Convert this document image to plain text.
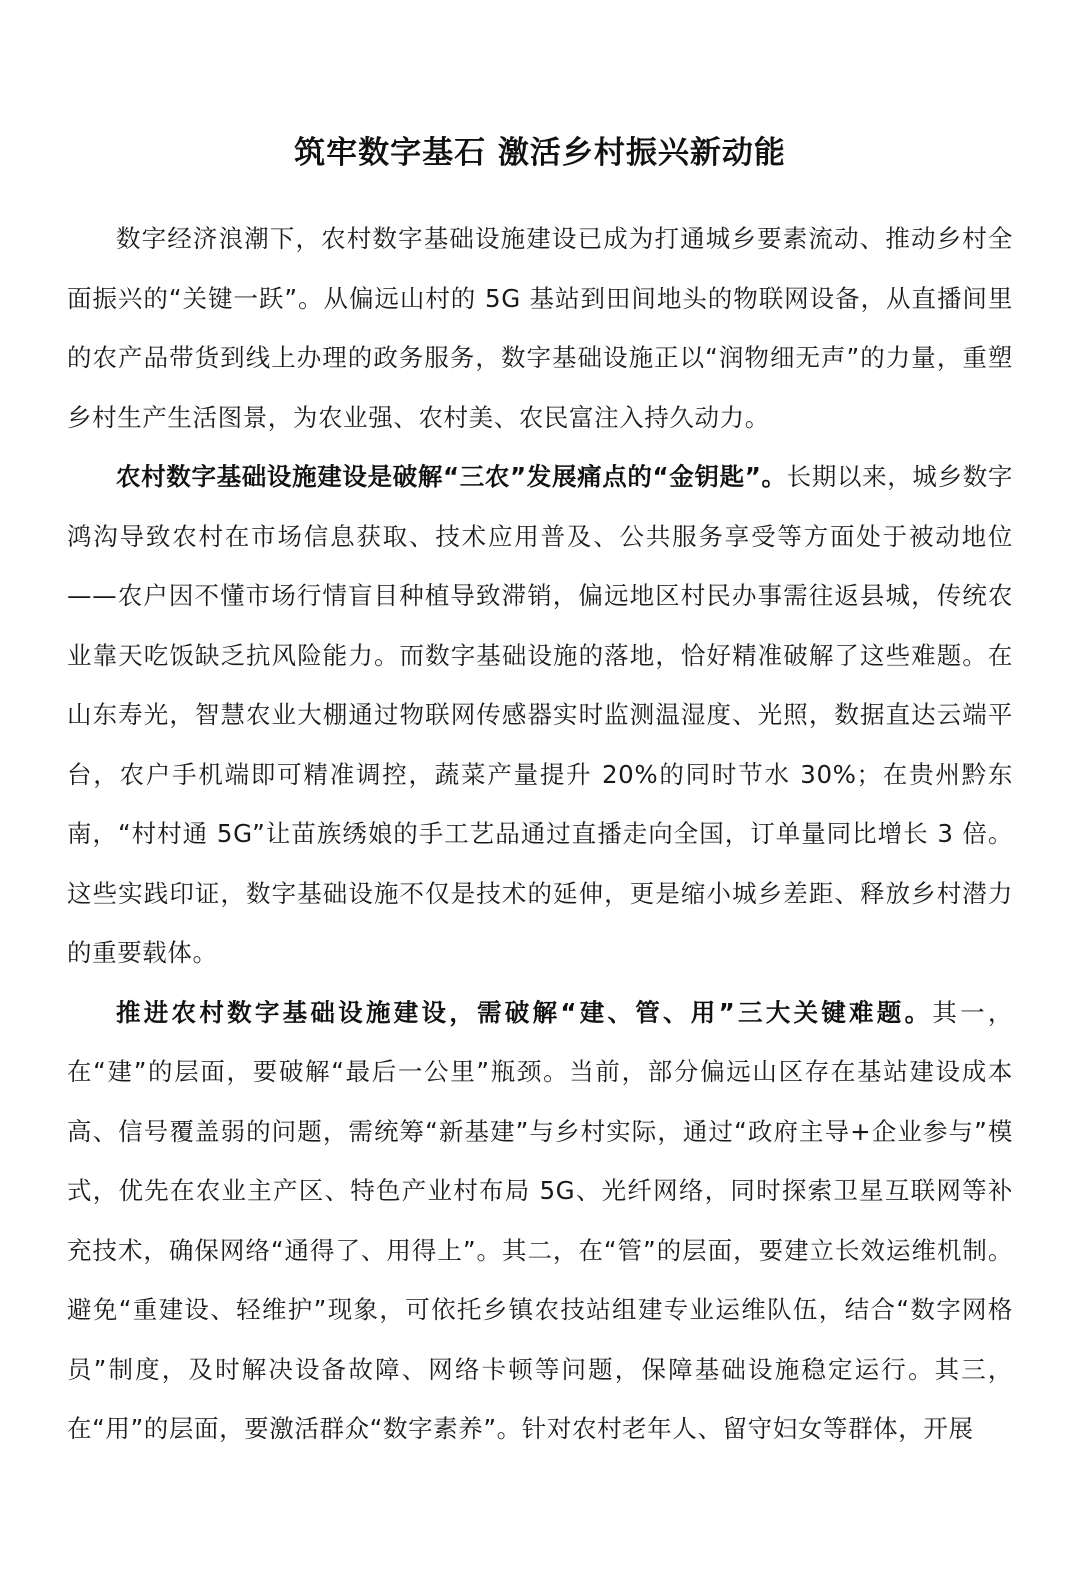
筑牢数字基石 激活乡村振兴新动能

数字经济浪潮下，农村数字基础设施建设已成为打通城乡要素流动、推动乡村全面振兴的“关键一跃”。从偏远山村的 5G 基站到田间地头的物联网设备，从直播间里的农产品带货到线上办理的政务服务，数字基础设施正以“润物细无声”的力量，重塑乡村生产生活图景，为农业强、农村美、农民富注入持久动力。

农村数字基础设施建设是破解“三农”发展痛点的“金钥匙”。长期以来，城乡数字鸿沟导致农村在市场信息获取、技术应用普及、公共服务享受等方面处于被动地位——农户因不懂市场行情盲目种植导致滞销，偏远地区村民办事需往返县城，传统农业靠天吃饭缺乏抗风险能力。而数字基础设施的落地，恰好精准破解了这些难题。在山东寿光，智慧农业大棚通过物联网传感器实时监测温湿度、光照，数据直达云端平台，农户手机端即可精准调控，蔬菜产量提升 20%的同时节水 30%；在贵州黔东南，“村村通 5G”让苗族绣娘的手工艺品通过直播走向全国，订单量同比增长 3 倍。这些实践印证，数字基础设施不仅是技术的延伸，更是缩小城乡差距、释放乡村潜力的重要载体。

推进农村数字基础设施建设，需破解“建、管、用”三大关键难题。其一，在“建”的层面，要破解“最后一公里”瓶颈。当前，部分偏远山区存在基站建设成本高、信号覆盖弱的问题，需统筹“新基建”与乡村实际，通过“政府主导+企业参与”模式，优先在农业主产区、特色产业村布局 5G、光纤网络，同时探索卫星互联网等补充技术，确保网络“通得了、用得上”。其二，在“管”的层面，要建立长效运维机制。避免“重建设、轻维护”现象，可依托乡镇农技站组建专业运维队伍，结合“数字网格员”制度，及时解决设备故障、网络卡顿等问题，保障基础设施稳定运行。其三，在“用”的层面，要激活群众“数字素养”。针对农村老年人、留守妇女等群体，开展
